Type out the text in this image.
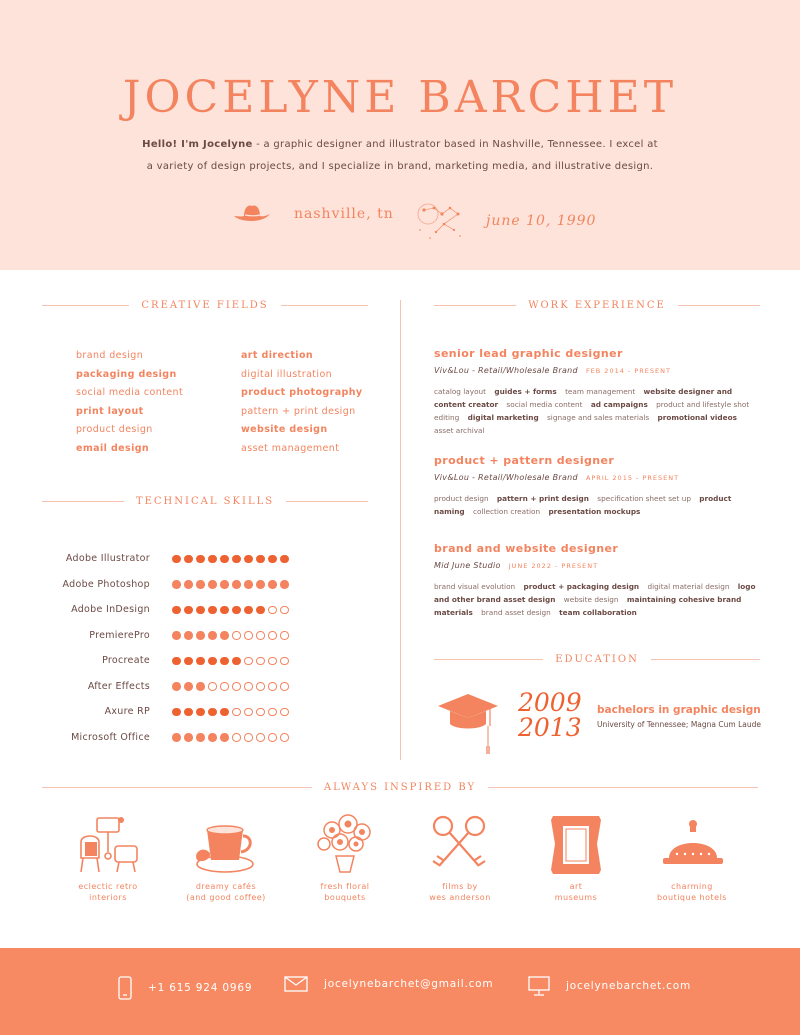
JOCELYNE BARCHET
Hello! I'm Jocelyne - a graphic designer and illustrator based in Nashville, Tennessee. I excel at
a variety of design projects, and I specialize in brand, marketing media, and illustrative design.
nashville, tn	june 10, 1990
CREATIVE FIELDS
TECHNICAL SKILLS
WORK EXPERIENCE
EDUCATION
ALWAYS INSPIRED BY
brand design
packaging design
social media content
print layout
product design
email design
art direction
digital illustration
product photography
pattern + print design
website design
asset management
Adobe Illustrator
Adobe Photoshop
Adobe InDesign
PremierePro
Procreate
After Effects
Axure RP
Microsoft Office
senior lead graphic designer
Viv&Lou - Retail/Wholesale Brand FEB 2014 - PRESENT
catalog layout guides + forms team management website designer and content creator social media content ad campaigns product and lifestyle shot editing digital marketing signage and sales materials promotional videos asset archival
product + pattern designer
Viv&Lou - Retail/Wholesale Brand APRIL 2015 - PRESENT
product design pattern + print design specification sheet set up product naming collection creation presentation mockups
brand and website designer
Mid June Studio JUNE 2022 - PRESENT
brand visual evolution product + packaging design digital material design logo and other brand asset design website design maintaining cohesive brand materials brand asset design team collaboration
2009
2013
bachelors in graphic design
University of Tennessee; Magna Cum Laude
eclectic retro
interiors
dreamy cafés
(and good coffee)
fresh floral
bouquets
films by
wes anderson
art
museums
charming
boutique hotels
+1 615 924 0969	jocelynebarchet@gmail.com	jocelynebarchet.com
